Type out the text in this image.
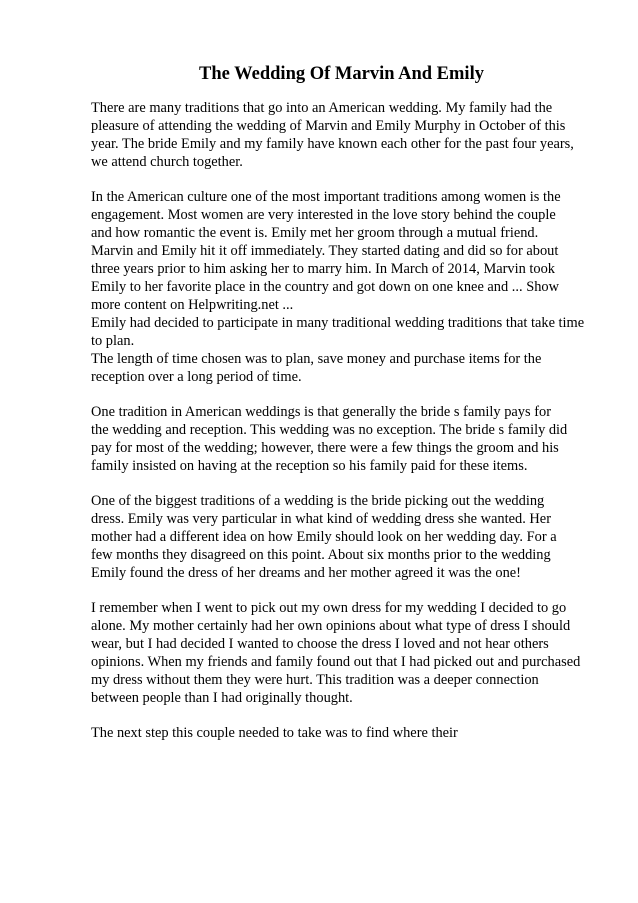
The Wedding Of Marvin And Emily

There are many traditions that go into an American wedding. My family had the
pleasure of attending the wedding of Marvin and Emily Murphy in October of this
year. The bride Emily and my family have known each other for the past four years,
we attend church together.

In the American culture one of the most important traditions among women is the
engagement. Most women are very interested in the love story behind the couple
and how romantic the event is. Emily met her groom through a mutual friend.
Marvin and Emily hit it off immediately. They started dating and did so for about
three years prior to him asking her to marry him. In March of 2014, Marvin took
Emily to her favorite place in the country and got down on one knee and ... Show
more content on Helpwriting.net ...

Emily had decided to participate in many traditional wedding traditions that take time
to plan.

The length of time chosen was to plan, save money and purchase items for the
reception over a long period of time.

One tradition in American weddings is that generally the bride s family pays for
the wedding and reception. This wedding was no exception. The bride s family did
pay for most of the wedding; however, there were a few things the groom and his
family insisted on having at the reception so his family paid for these items.

One of the biggest traditions of a wedding is the bride picking out the wedding
dress. Emily was very particular in what kind of wedding dress she wanted. Her
mother had a different idea on how Emily should look on her wedding day. For a
few months they disagreed on this point. About six months prior to the wedding
Emily found the dress of her dreams and her mother agreed it was the one!

I remember when I went to pick out my own dress for my wedding I decided to go
alone. My mother certainly had her own opinions about what type of dress I should
wear, but I had decided I wanted to choose the dress I loved and not hear others
opinions. When my friends and family found out that I had picked out and purchased
my dress without them they were hurt. This tradition was a deeper connection
between people than I had originally thought.

The next step this couple needed to take was to find where their
